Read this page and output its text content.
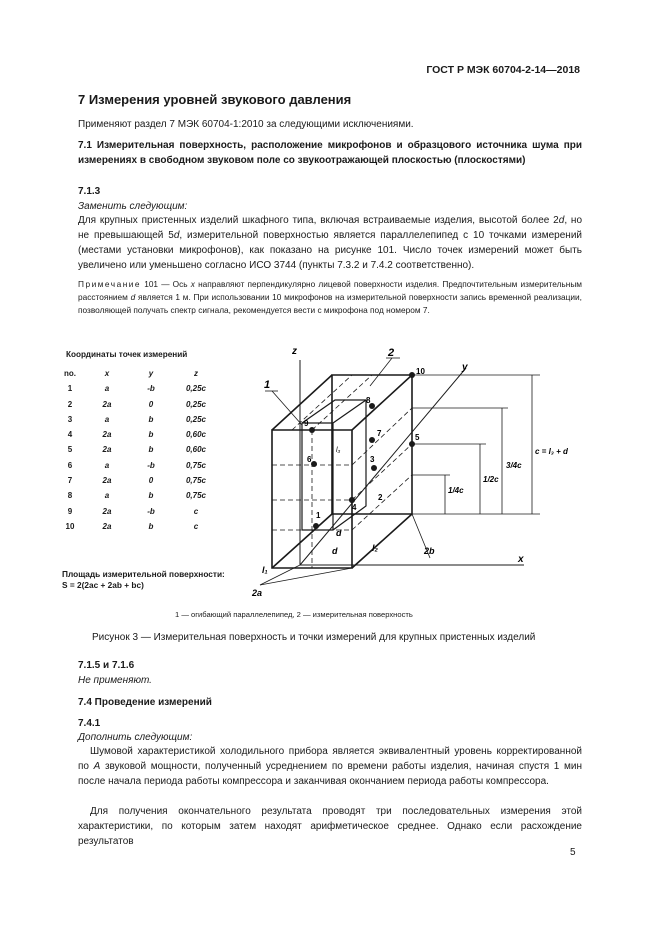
ГОСТ Р МЭК 60704-2-14—2018
7 Измерения уровней звукового давления
Применяют раздел 7 МЭК 60704-1:2010 за следующими исключениями.
7.1 Измерительная поверхность, расположение микрофонов и образцового источника шума при измерениях в свободном звуковом поле со звукоотражающей плоскостью (плоскостями)
7.1.3
Заменить следующим:
Для крупных пристенных изделий шкафного типа, включая встраиваемые изделия, высотой более 2d, но не превышающей 5d, измерительной поверхностью является параллелепипед с 10 точками измерений (местами установки микрофонов), как показано на рисунке 101. Число точек измерений может быть увеличено или уменьшено согласно ИСО 3744 (пункты 7.3.2 и 7.4.2 соответственно).
Примечание 101 — Ось x направляют перпендикулярно лицевой поверхности изделия. Предпочтительным измерительным расстоянием d является 1 м. При использовании 10 микрофонов на измерительной поверхности запись временной реализации, позволяющей получать спектр сигнала, рекомендуется вести с микрофона под номером 7.
Координаты точек измерений
no.	x	y	z
1	a	-b	0,25c
2	2a	0	0,25c
3	a	b	0,25c
4	2a	b	0,60c
5	2a	b	0,60c
6	a	-b	0,75c
7	2a	0	0,75c
8	a	b	0,75c
9	2a	-b	c
10	2a	b	c
Площадь измерительной поверхности:
S = 2(2ac + 2ab + bc)
z
x
y
1
2
d
d
l₁
l₂
l₃
2a
2b
1/4c
1/2c
3/4c
c = l₃ + d
1
2
3
4
5
6
7
8
9
10
1 — огибающий параллелепипед, 2 — измерительная поверхность
Рисунок 3 — Измерительная поверхность и точки измерений для крупных пристенных изделий
7.1.5 и 7.1.6
Не применяют.
7.4 Проведение измерений
7.4.1
Дополнить следующим:
Шумовой характеристикой холодильного прибора является эквивалентный уровень корректированной по A звуковой мощности, полученный усреднением по времени работы изделия, начиная спустя 1 мин после начала периода работы компрессора и заканчивая окончанием периода работы компрессора.
Для получения окончательного результата проводят три последовательных измерения этой характеристики, по которым затем находят арифметическое среднее. Однако если расхождение результатов
5
